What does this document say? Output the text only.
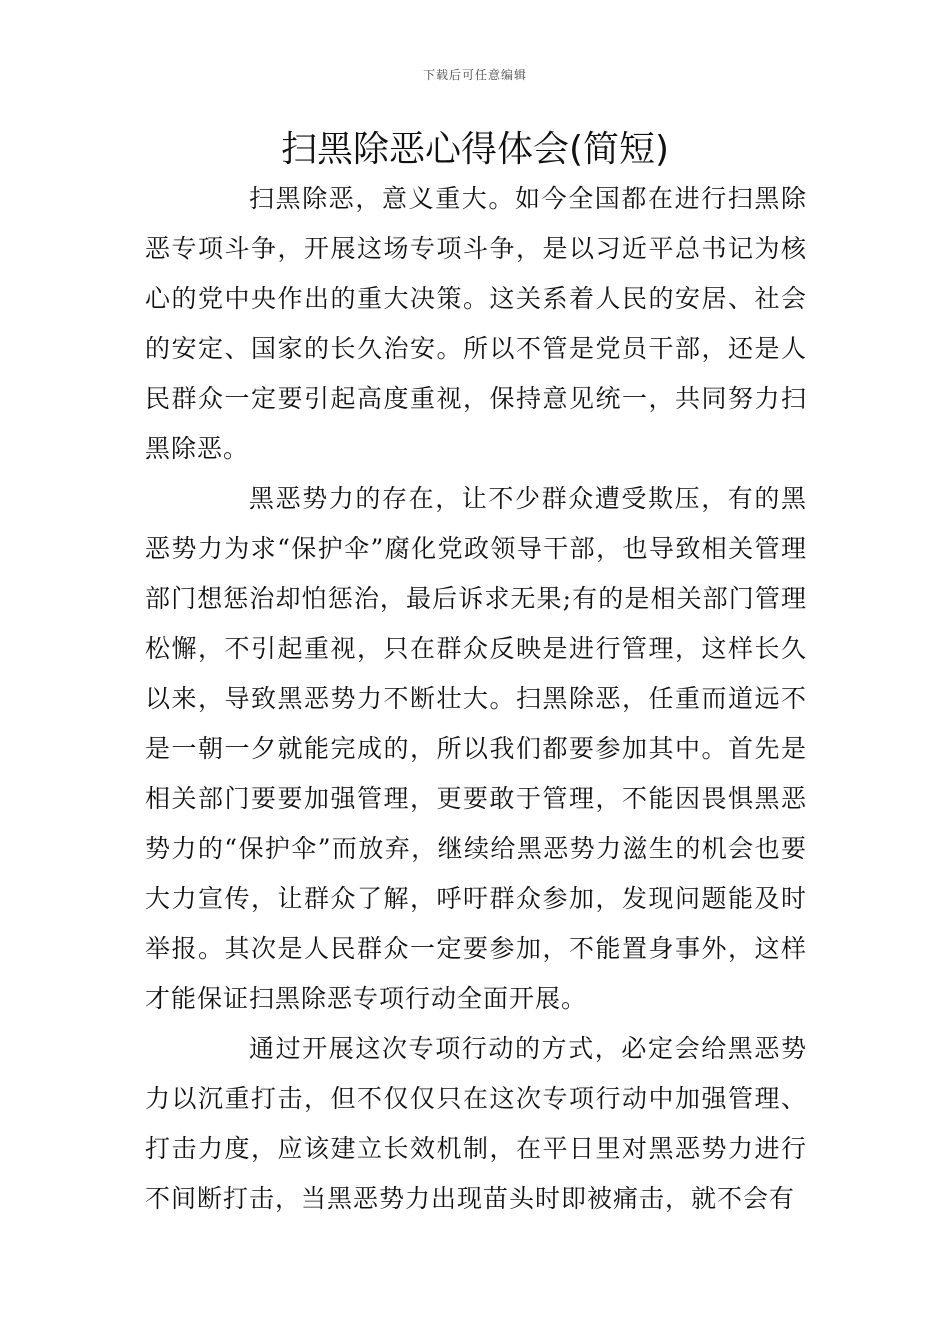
下载后可任意编辑
扫黑除恶心得体会(简短)

扫黑除恶，意义重大。如今全国都在进行扫黑除恶专项斗争，开展这场专项斗争，是以习近平总书记为核心的党中央作出的重大决策。这关系着人民的安居、社会的安定、国家的长久治安。所以不管是党员干部，还是人民群众一定要引起高度重视，保持意见统一，共同努力扫黑除恶。

黑恶势力的存在，让不少群众遭受欺压，有的黑恶势力为求“保护伞”腐化党政领导干部，也导致相关管理部门想惩治却怕惩治，最后诉求无果;有的是相关部门管理松懈，不引起重视，只在群众反映是进行管理，这样长久以来，导致黑恶势力不断壮大。扫黑除恶，任重而道远不是一朝一夕就能完成的，所以我们都要参加其中。首先是相关部门要要加强管理，更要敢于管理，不能因畏惧黑恶势力的“保护伞”而放弃，继续给黑恶势力滋生的机会也要大力宣传，让群众了解，呼吁群众参加，发现问题能及时举报。其次是人民群众一定要参加，不能置身事外，这样才能保证扫黑除恶专项行动全面开展。

通过开展这次专项行动的方式，必定会给黑恶势力以沉重打击，但不仅仅只在这次专项行动中加强管理、打击力度，应该建立长效机制，在平日里对黑恶势力进行不间断打击，当黑恶势力出现苗头时即被痛击，就不会有
